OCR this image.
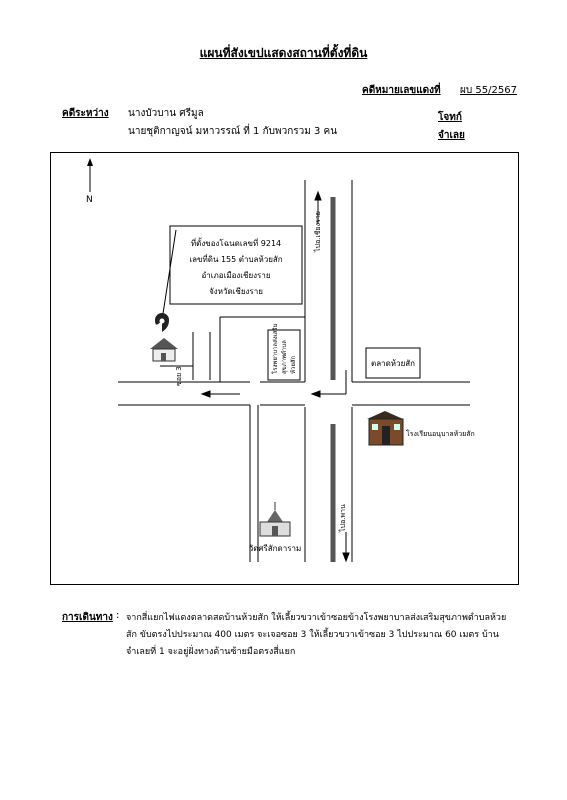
แผนที่สังเขปแสดงสถานที่ตั้งที่ดิน
คดีหมายเลขแดงที่ ผบ 55/2567
คดีระหว่าง นางบัวบาน ศรีมูล
นายชุติกาญจน์ มหาวรรณ์ ที่ 1 กับพวกรวม 3 คน
โจทก์
จำเลย
N
ซอย 3
ที่ตั้งของโฉนดเลขที่ 9214
เลขที่ดิน 155 ตำบลห้วยสัก
อำเภอเมืองเชียงราย
จังหวัดเชียงราย
โรงพยาบาลส่งเสริม สุขภาพตำบล ห้วยสัก	ตลาดห้วยสัก
โรงเรียนอนุบาลห้วยสัก
วัดศรีสักดาราม
ไปอ.เชียงราย
ไปอ.พาน
การเดินทาง : จากสี่แยกไฟแดงตลาดสดบ้านห้วยสัก ให้เลี้ยวขวาเข้าซอยข้างโรงพยาบาลส่งเสริมสุขภาพตำบลห้วยสัก ขับตรงไปประมาณ 400 เมตร จะเจอซอย 3 ให้เลี้ยวขวาเข้าซอย 3 ไปประมาณ 60 เมตร บ้านจำเลยที่ 1 จะอยู่ฝั่งทางด้านซ้ายมือตรงสี่แยก
